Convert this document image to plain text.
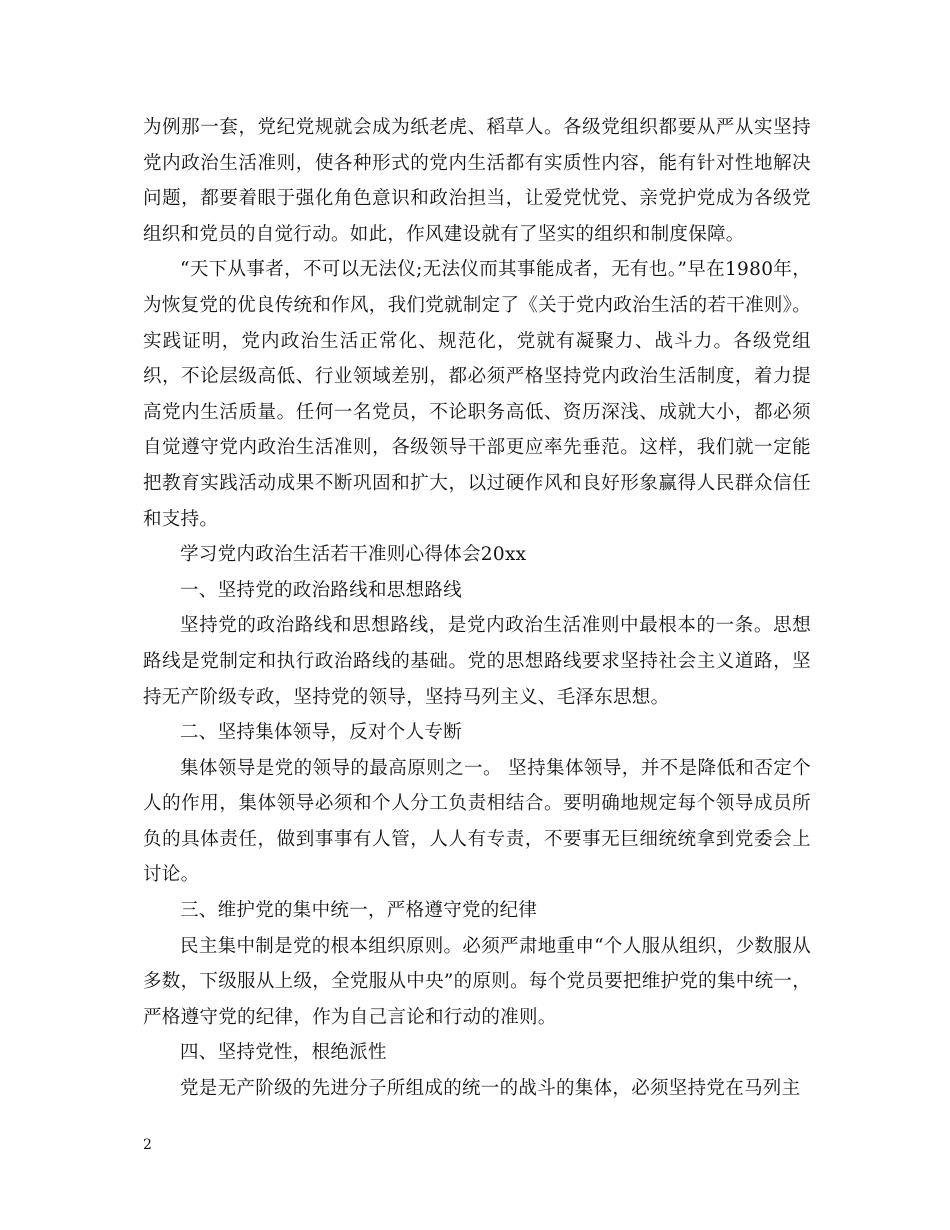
为例那一套，党纪党规就会成为纸老虎、稻草人。各级党组织都要从严从实坚持党内政治生活准则，使各种形式的党内生活都有实质性内容，能有针对性地解决问题，都要着眼于强化角色意识和政治担当，让爱党忧党、亲党护党成为各级党组织和党员的自觉行动。如此，作风建设就有了坚实的组织和制度保障。

“天下从事者，不可以无法仪;无法仪而其事能成者，无有也。”早在1980年，为恢复党的优良传统和作风，我们党就制定了《关于党内政治生活的若干准则》。实践证明，党内政治生活正常化、规范化，党就有凝聚力、战斗力。各级党组织，不论层级高低、行业领域差别，都必须严格坚持党内政治生活制度，着力提高党内生活质量。任何一名党员，不论职务高低、资历深浅、成就大小，都必须自觉遵守党内政治生活准则，各级领导干部更应率先垂范。这样，我们就一定能把教育实践活动成果不断巩固和扩大，以过硬作风和良好形象赢得人民群众信任和支持。

学习党内政治生活若干准则心得体会20xx

一、坚持党的政治路线和思想路线

坚持党的政治路线和思想路线，是党内政治生活准则中最根本的一条。思想路线是党制定和执行政治路线的基础。党的思想路线要求坚持社会主义道路，坚持无产阶级专政，坚持党的领导，坚持马列主义、毛泽东思想。

二、坚持集体领导，反对个人专断

集体领导是党的领导的最高原则之一。 坚持集体领导，并不是降低和否定个人的作用，集体领导必须和个人分工负责相结合。要明确地规定每个领导成员所负的具体责任，做到事事有人管，人人有专责，不要事无巨细统统拿到党委会上讨论。

三、维护党的集中统一，严格遵守党的纪律

民主集中制是党的根本组织原则。必须严肃地重申“个人服从组织，少数服从多数，下级服从上级，全党服从中央”的原则。每个党员要把维护党的集中统一，严格遵守党的纪律，作为自己言论和行动的准则。

四、坚持党性，根绝派性

党是无产阶级的先进分子所组成的统一的战斗的集体，必须坚持党在马列主

2
